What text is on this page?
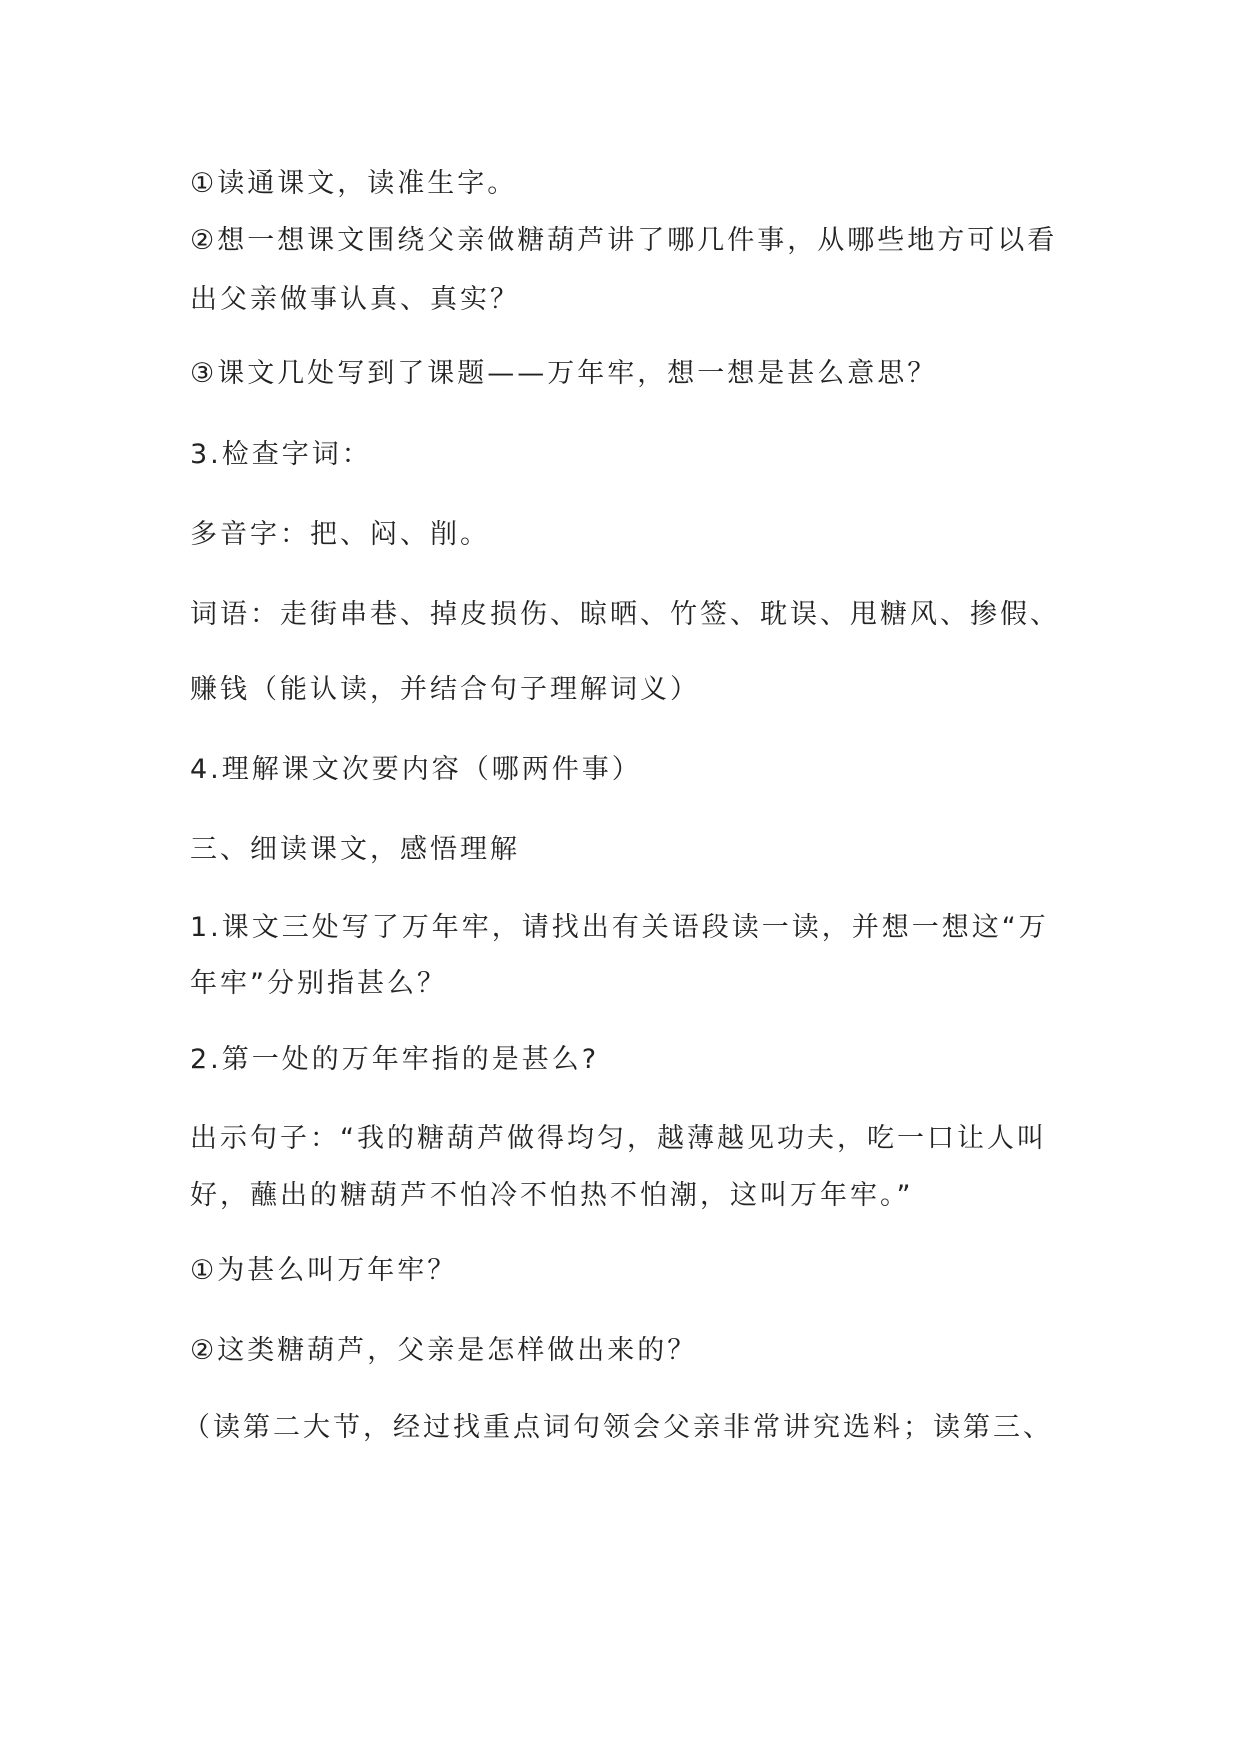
①读通课文，读准生字。
②想一想课文围绕父亲做糖葫芦讲了哪几件事，从哪些地方可以看
出父亲做事认真、真实？
③课文几处写到了课题——万年牢，想一想是甚么意思？
3.检查字词：
多音字：把、闷、削。
词语：走街串巷、掉皮损伤、晾晒、竹签、耽误、甩糖风、掺假、
赚钱（能认读，并结合句子理解词义）
4.理解课文次要内容（哪两件事）
三、细读课文，感悟理解
1.课文三处写了万年牢，请找出有关语段读一读，并想一想这“万
年牢”分别指甚么？
2.第一处的万年牢指的是甚么?
出示句子：“我的糖葫芦做得均匀，越薄越见功夫，吃一口让人叫
好，蘸出的糖葫芦不怕冷不怕热不怕潮，这叫万年牢。”
①为甚么叫万年牢？
②这类糖葫芦，父亲是怎样做出来的？
（读第二大节，经过找重点词句领会父亲非常讲究选料；读第三、
